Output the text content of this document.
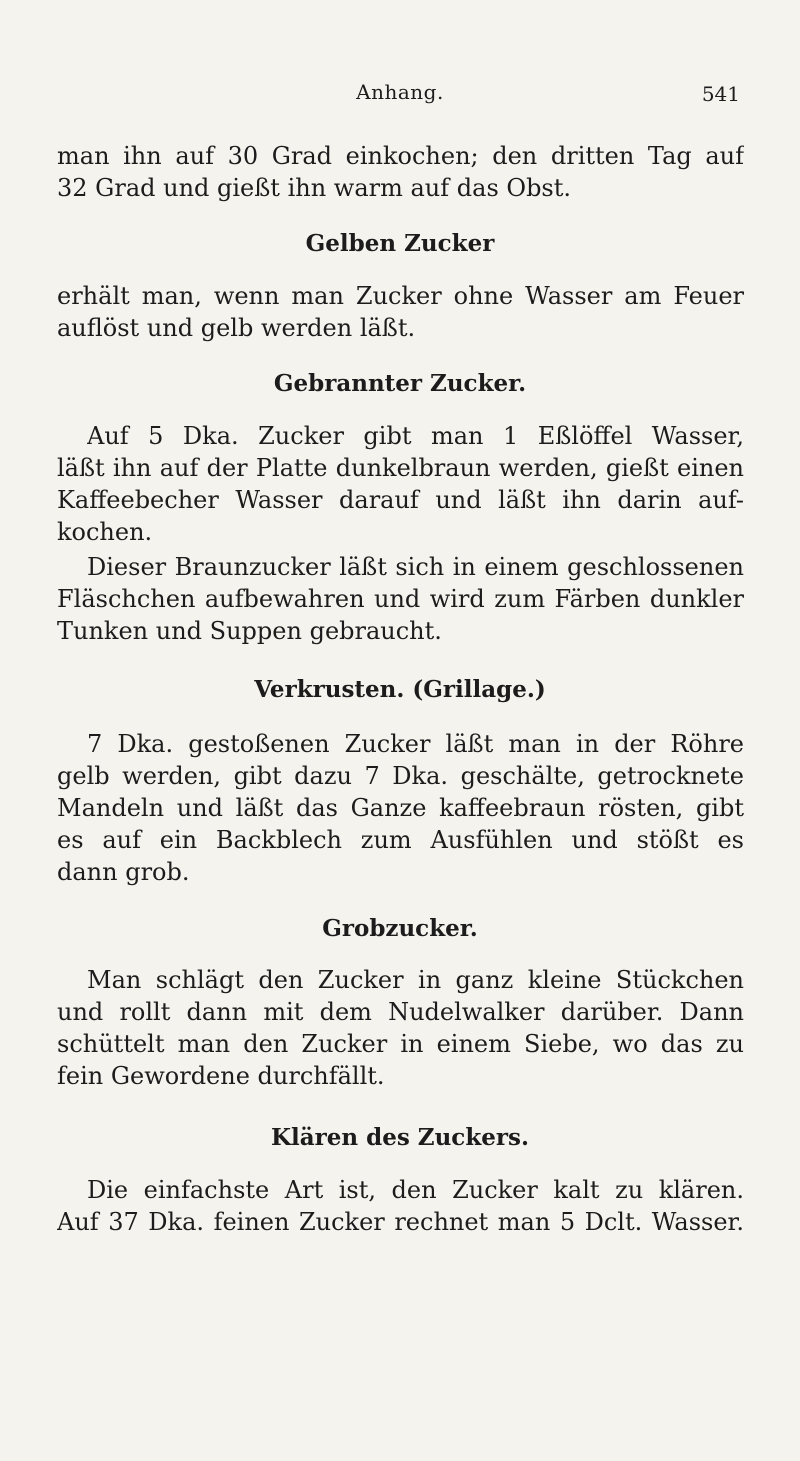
Anhang.	541
man ihn auf 30 Grad einkochen; den dritten Tag auf
32 Grad und gießt ihn warm auf das Obst.
Gelben Zucker
erhält man, wenn man Zucker ohne Wasser am Feuer
auflöst und gelb werden läßt.
Gebrannter Zucker.
Auf 5 Dka. Zucker gibt man 1 Eßlöffel Wasser,
läßt ihn auf der Platte dunkelbraun werden, gießt einen
Kaffeebecher Wasser darauf und läßt ihn darin auf-
kochen.
Dieser Braunzucker läßt sich in einem geschlossenen
Fläschchen aufbewahren und wird zum Färben dunkler
Tunken und Suppen gebraucht.
Verkrusten. (Grillage.)
7 Dka. gestoßenen Zucker läßt man in der Röhre
gelb werden, gibt dazu 7 Dka. geschälte, getrocknete
Mandeln und läßt das Ganze kaffeebraun rösten, gibt
es auf ein Backblech zum Ausfühlen und stößt es
dann grob.
Grobzucker.
Man schlägt den Zucker in ganz kleine Stückchen
und rollt dann mit dem Nudelwalker darüber. Dann
schüttelt man den Zucker in einem Siebe, wo das zu
fein Gewordene durchfällt.
Klären des Zuckers.
Die einfachste Art ist, den Zucker kalt zu klären.
Auf 37 Dka. feinen Zucker rechnet man 5 Dclt. Wasser.
